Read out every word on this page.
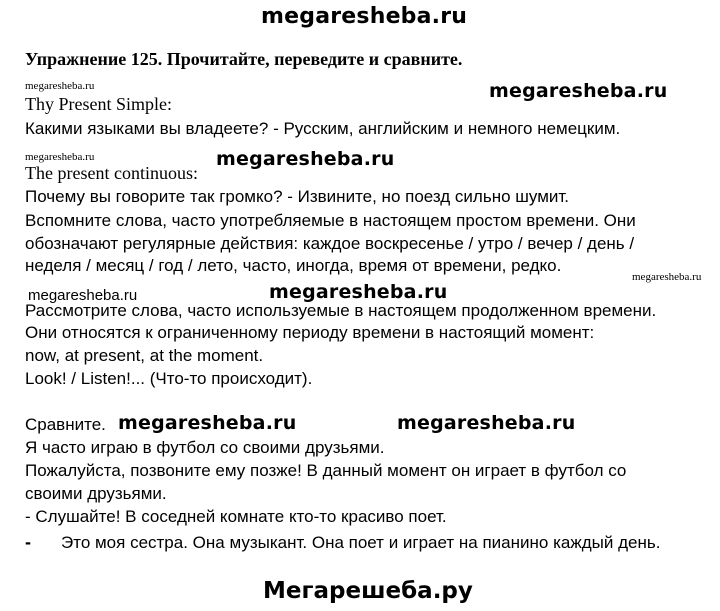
megaresheba.ru
Упражнение 125. Прочитайте, переведите и сравните.
megaresheba.ru	megaresheba.ru
Thy Present Simple:
Какими языками вы владеете? - Русским, английским и немного немецким.
megaresheba.ru	megaresheba.ru
The present continuous:
Почему вы говорите так громко? - Извините, но поезд сильно шумит.
Вспомните слова, часто употребляемые в настоящем простом времени. Они
обозначают регулярные действия: каждое воскресенье / утро / вечер / день /
неделя / месяц / год / лето, часто, иногда, время от времени, редко.
megaresheba.ru
megaresheba.ru	megaresheba.ru
Рассмотрите слова, часто используемые в настоящем продолженном времени.
Они относятся к ограниченному периоду времени в настоящий момент:
now, at present, at the moment.
Look! / Listen!... (Что-то происходит).
Сравните. megaresheba.ru	megaresheba.ru
Я часто играю в футбол со своими друзьями.
Пожалуйста, позвоните ему позже! В данный момент он играет в футбол со
своими друзьями.
- Слушайте! В соседней комнате кто-то красиво поет.
- Это моя сестра. Она музыкант. Она поет и играет на пианино каждый день.
Мегарешеба.ру
